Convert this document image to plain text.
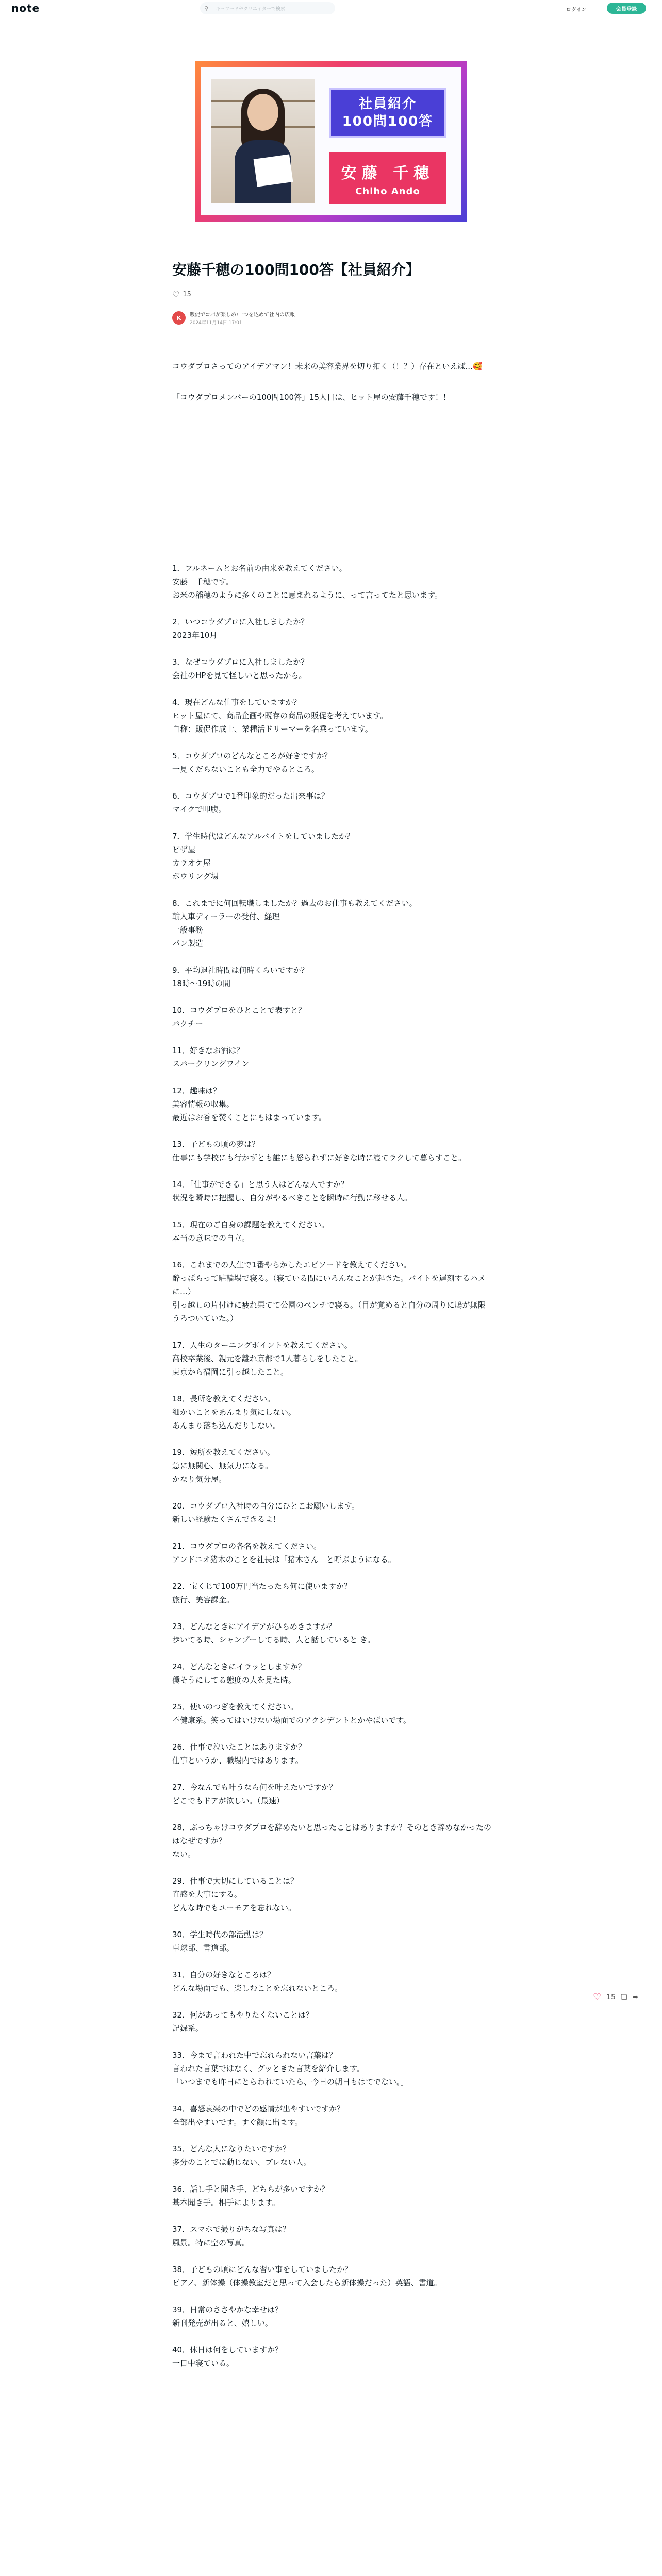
note	⚲	キーワードやクリエイターで検索	ログイン	会員登録
社員紹介
100問100答
安藤 千穂
Chiho Ando
安藤千穂の100問100答【社員紹介】
♡ 15
K	販促でコパが楽しめ!一つを込めて社内の広報
2024年11月14日 17:01

コウダプロさってのアイデアマン！未来の美容業界を切り拓く（！？）存在といえば...🥰

「コウダプロメンバーの100問100答」15人目は、ヒット屋の安藤千穂です！！

1．フルネームとお名前の由来を教えてください。
安藤　千穂です。
お米の稲穂のように多くのことに恵まれるように、って言ってたと思います。
2．いつコウダプロに入社しましたか？
2023年10月
3．なぜコウダプロに入社しましたか？
会社のHPを見て怪しいと思ったから。
4．現在どんな仕事をしていますか？
ヒット屋にて、商品企画や既存の商品の販促を考えています。
自称：販促作成士、業種活ドリーマーを名乗っています。
5．コウダプロのどんなところが好きですか？
一見くだらないことも全力でやるところ。
6．コウダプロで1番印象的だった出来事は？
マイクで叩腹。
7．学生時代はどんなアルバイトをしていましたか？
ピザ屋
カラオケ屋
ボウリング場
8．これまでに何回転職しましたか？過去のお仕事も教えてください。
輸入車ディーラーの受付、経理
一般事務
パン製造
9．平均退社時間は何時くらいですか？
18時〜19時の間
10．コウダプロをひとことで表すと？
パクチー
11．好きなお酒は？
スパークリングワイン
12．趣味は？
美容情報の収集。
最近はお香を焚くことにもはまっています。
13．子どもの頃の夢は？
仕事にも学校にも行かずとも誰にも怒られずに好きな時に寝てラクして暮らすこと。
14．「仕事ができる」と思う人はどんな人ですか？
状況を瞬時に把握し、自分がやるべきことを瞬時に行動に移せる人。
15．現在のご自身の課題を教えてください。
本当の意味での自立。
16．これまでの人生で1番やらかしたエピソードを教えてください。
酔っぱらって駐輪場で寝る。（寝ている間にいろんなことが起きた。バイトを遅刻するハメに…）
引っ越しの片付けに疲れ果てて公園のベンチで寝る。（目が覚めると自分の周りに鳩が無限うろついていた。）
17．人生のターニングポイントを教えてください。
高校卒業後、親元を離れ京都で1人暮らしをしたこと。
東京から福岡に引っ越したこと。
18．長所を教えてください。
細かいことをあんまり気にしない。
あんまり落ち込んだりしない。
19．短所を教えてください。
急に無関心、無気力になる。
かなり気分屋。
20．コウダプロ入社時の自分にひとこお願いします。
新しい経験たくさんできるよ！
21．コウダプロの各名を教えてください。
アンドニオ猪木のことを社長は「猪木さん」と呼ぶようになる。
22．宝くじで100万円当たったら何に使いますか？
旅行、美容課金。
23．どんなときにアイデアがひらめきますか？
歩いてる時、シャンプーしてる時、人と話していると き。
24．どんなときにイラッとしますか？
僕そうにしてる態度の人を見た時。
25．使いのつぎを教えてください。
不健康系。笑ってはいけない場面でのアクシデントとかやばいです。
26．仕事で泣いたことはありますか？
仕事というか、職場内ではあります。
27．今なんでも叶うなら何を叶えたいですか？
どこでもドアが欲しい。（最速）
28．ぶっちゃけコウダプロを辞めたいと思ったことはありますか？そのとき辞めなかったのはなぜですか？
ない。
29．仕事で大切にしていることは？
直感を大事にする。
どんな時でもユーモアを忘れない。
30．学生時代の部活動は？
卓球部、書道部。
31．自分の好きなところは？
どんな場面でも、楽しむことを忘れないところ。
32．何があってもやりたくないことは？
記録系。
33．今まで言われた中で忘れられない言葉は？
言われた言葉ではなく、グッときた言葉を紹介します。
「いつまでも昨日にとらわれていたら、今日の朝日もはてでない。」
34．喜怒哀楽の中でどの感情が出やすいですか？
全部出やすいです。すぐ顔に出ます。
35．どんな人になりたいですか？
多分のことでは動じない、ブレない人。
36．話し手と聞き手、どちらが多いですか？
基本聞き手。相手によります。
37．スマホで撮りがちな写真は？
風景。特に空の写真。
38．子どもの頃にどんな習い事をしていましたか？
ピアノ、新体操（体操教室だと思って入会したら新体操だった）英語、書道。
39．日常のささやかな幸せは？
新刊発売が出ると、嬉しい。
40．休日は何をしていますか？
一日中寝ている。
♡ 15 ❏ ➦
